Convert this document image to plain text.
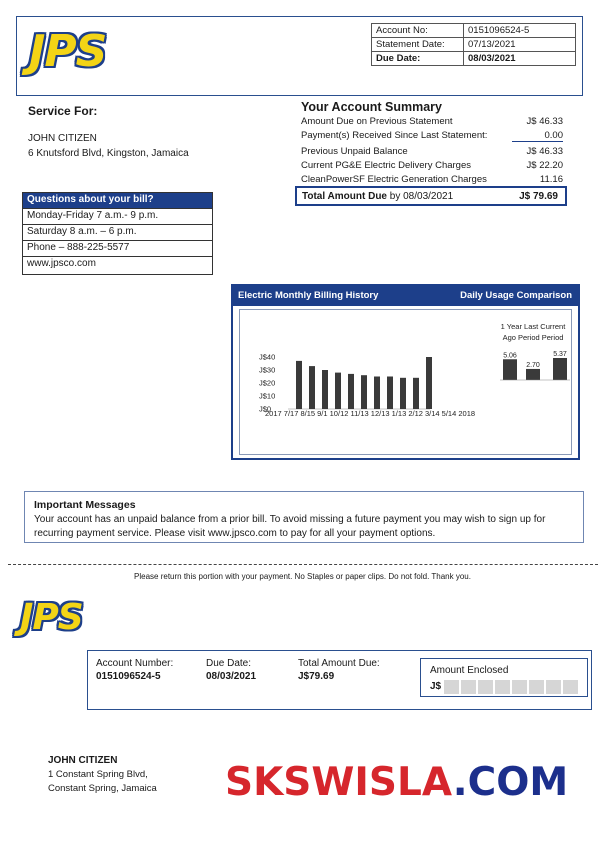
JPS	Account No:	0151096524-5
Statement Date:	07/13/2021
Due Date:	08/03/2021
Service For:
JOHN CITIZEN
6 Knutsford Blvd, Kingston, Jamaica
Your Account Summary
Amount Due on Previous Statement	J$ 46.33
Payment(s) Received Since Last Statement:	0.00
Previous Unpaid Balance	J$ 46.33
Current PG&E Electric Delivery Charges	J$ 22.20
CleanPowerSF Electric Generation Charges	11.16
Total Amount Due by 08/03/2021	J$ 79.69
Questions about your bill?
Monday-Friday 7 a.m.- 9 p.m.
Saturday 8 a.m. – 6 p.m.
Phone – 888-225-5577
www.jpsco.com
Electric Monthly Billing History	Daily Usage Comparison
J$40
J$30
J$20
J$10
J$0
2017 7/17 8/15 9/1 10/12 11/13 12/13 1/13 2/12 3/14 5/14 2018
1 Year Last Current
Ago Period Period
5.06
2.70
5.37
Important Messages
Your account has an unpaid balance from a prior bill. To avoid missing a future payment you may wish to sign up for recurring payment service. Please visit www.jpsco.com to pay for all your payment options.
Please return this portion with your payment. No Staples or paper clips. Do not fold. Thank you.
JPS
Account Number:
0151096524-5
Due Date:
08/03/2021
Total Amount Due:
J$79.69
Amount Enclosed
J$
JOHN CITIZEN
1 Constant Spring Blvd,
Constant Spring, Jamaica SKSWISLA.COM
